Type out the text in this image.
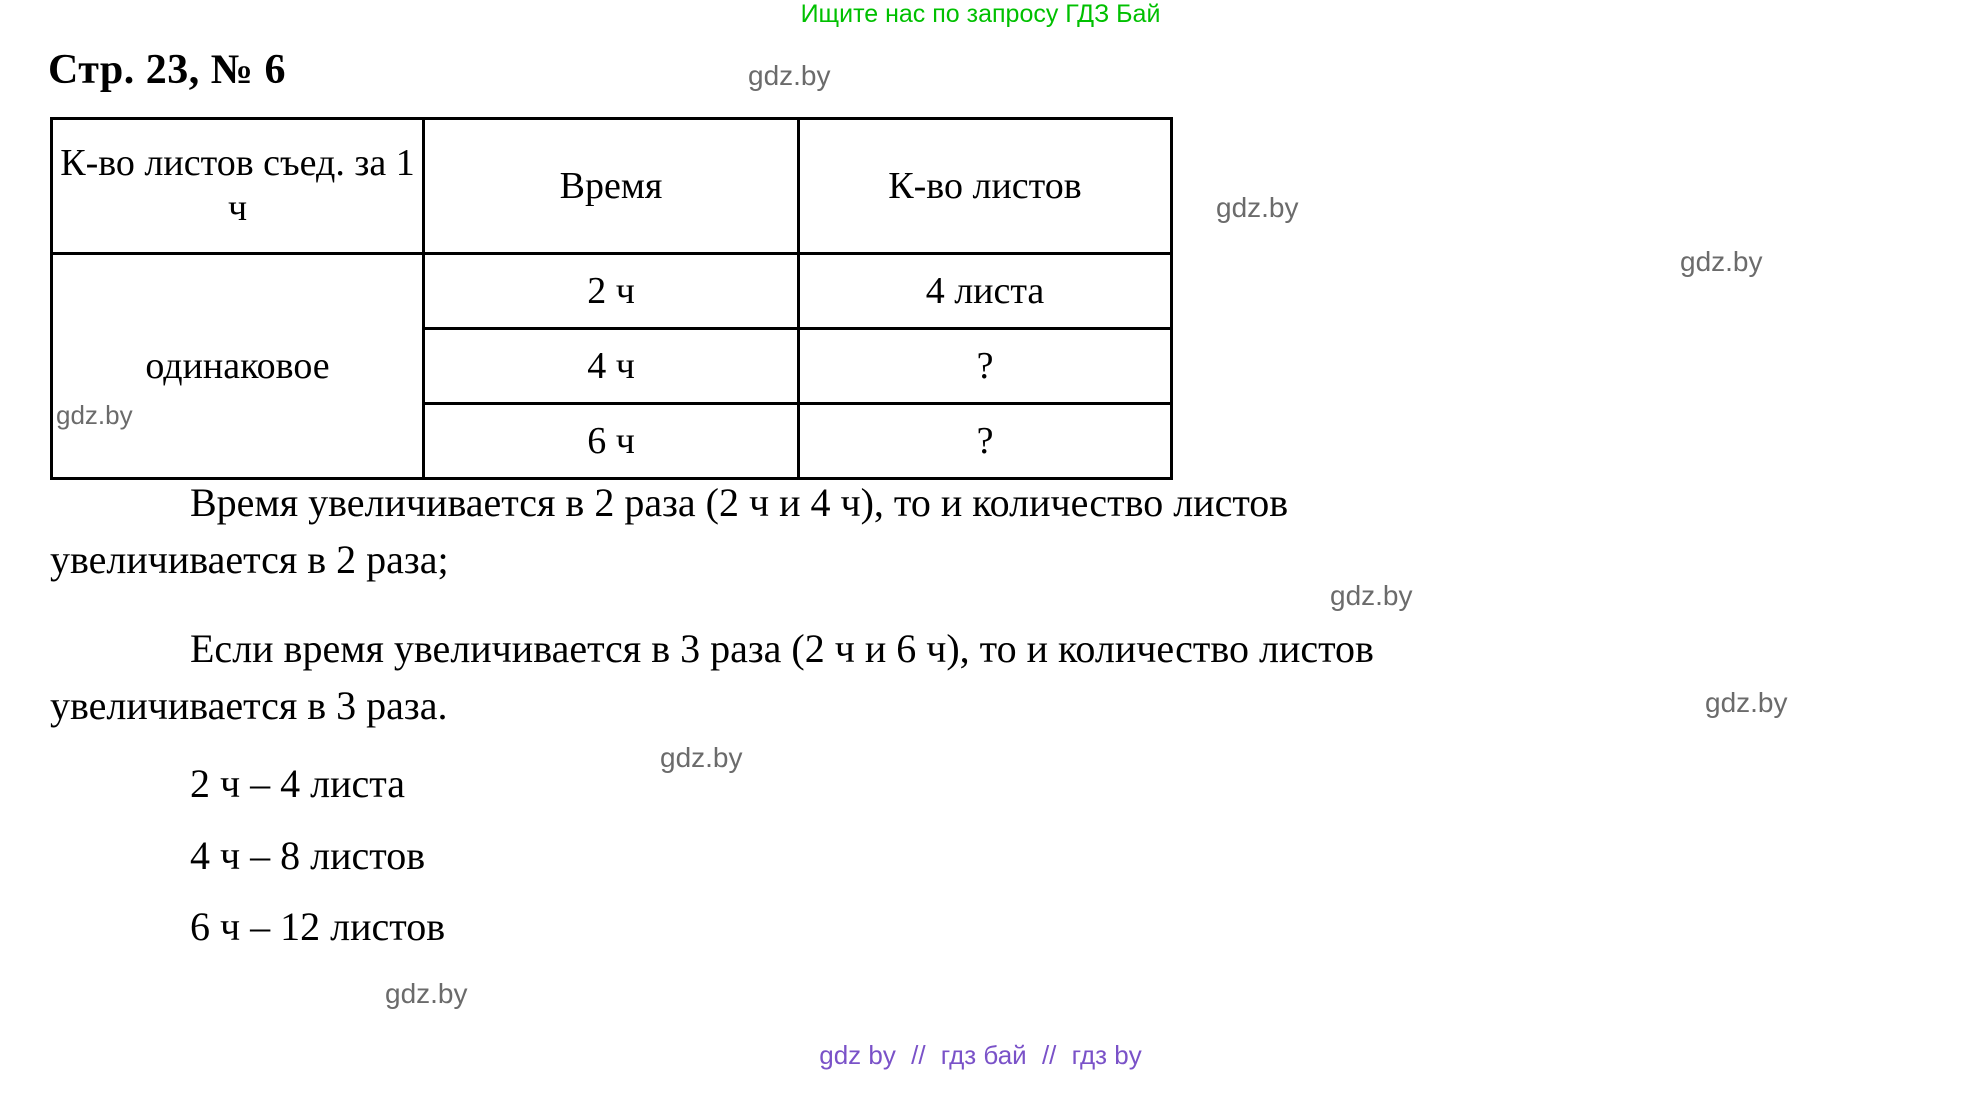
Ищите нас по запросу ГДЗ Бай
gdz.by
gdz.by
gdz.by
gdz.by
gdz.by
gdz.by
gdz.by
gdz.by
Стр. 23, № 6
К-во листов съед. за 1 ч	Время	К-во листов
одинаковое	2 ч	4 листа
	4 ч	?
	6 ч	?
Время увеличивается в 2 раза (2 ч и 4 ч), то и количество листов
увеличивается в 2 раза;
Если время увеличивается в 3 раза (2 ч и 6 ч), то и количество листов
увеличивается в 3 раза.
2 ч – 4 листа
4 ч – 8 листов
6 ч – 12 листов
gdz by // гдз бай // гдз by
